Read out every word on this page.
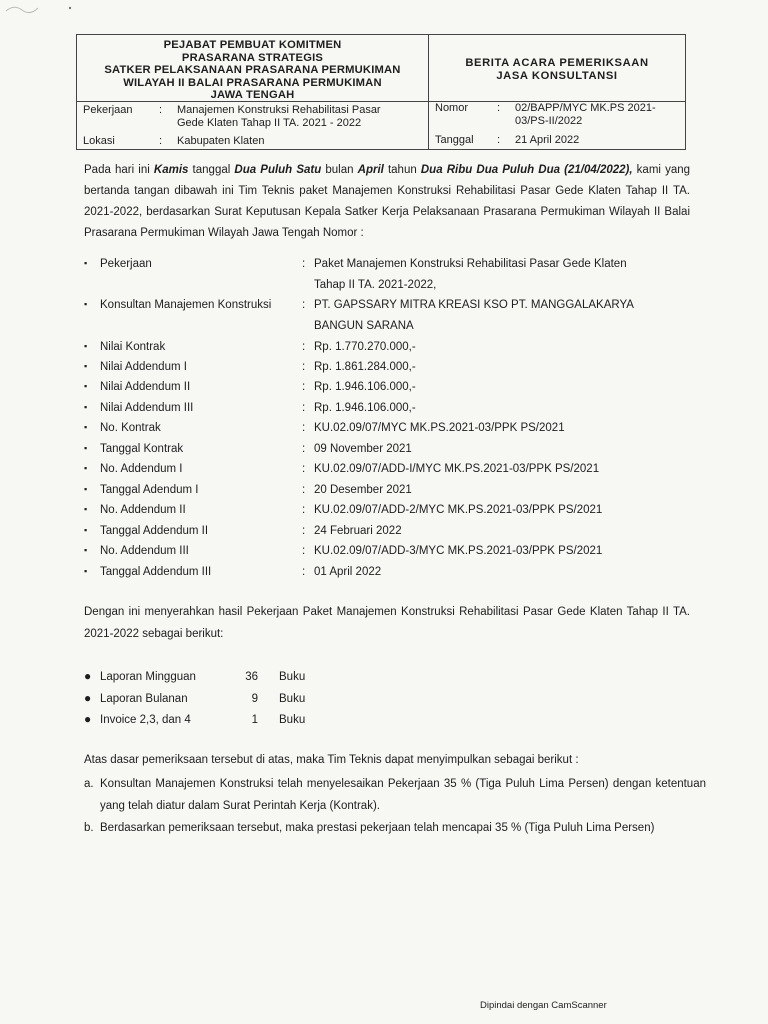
PEJABAT PEMBUAT KOMITMEN
PRASARANA STRATEGIS
SATKER PELAKSANAAN PRASARANA PERMUKIMAN
WILAYAH II BALAI PRASARANA PERMUKIMAN
JAWA TENGAH
BERITA ACARA PEMERIKSAAN
JASA KONSULTANSI
Pekerjaan : Manajemen Konstruksi Rehabilitasi Pasar
Gede Klaten Tahap II TA. 2021 - 2022
Lokasi	: Kabupaten Klaten
Nomor	: 02/BAPP/MYC MK.PS 2021-
03/PS-II/2022
Tanggal : 21 April 2022
Pada hari ini Kamis tanggal Dua Puluh Satu bulan April tahun Dua Ribu Dua Puluh Dua (21/04/2022), kami yang bertanda tangan dibawah ini Tim Teknis paket Manajemen Konstruksi Rehabilitasi Pasar Gede Klaten Tahap II TA. 2021-2022, berdasarkan Surat Keputusan Kepala Satker Kerja Pelaksanaan Prasarana Permukiman Wilayah II Balai Prasarana Permukiman Wilayah Jawa Tengah Nomor :
▪ Pekerjaan	: Paket Manajemen Konstruksi Rehabilitasi Pasar Gede Klaten
Tahap II TA. 2021-2022,
▪ Konsultan Manajemen Konstruksi	: PT. GAPSSARY MITRA KREASI KSO PT. MANGGALAKARYA
BANGUN SARANA
▪ Nilai Kontrak	: Rp. 1.770.270.000,-
▪ Nilai Addendum I	: Rp. 1.861.284.000,-
▪ Nilai Addendum II	: Rp. 1.946.106.000,-
▪ Nilai Addendum III	: Rp. 1.946.106.000,-
▪ No. Kontrak	: KU.02.09/07/MYC MK.PS.2021-03/PPK PS/2021
▪ Tanggal Kontrak	: 09 November 2021
▪ No. Addendum I	: KU.02.09/07/ADD-I/MYC MK.PS.2021-03/PPK PS/2021
▪ Tanggal Adendum I	: 20 Desember 2021
▪ No. Addendum II	: KU.02.09/07/ADD-2/MYC MK.PS.2021-03/PPK PS/2021
▪ Tanggal Addendum II	: 24 Februari 2022
▪ No. Addendum III	: KU.02.09/07/ADD-3/MYC MK.PS.2021-03/PPK PS/2021
▪ Tanggal Addendum III	: 01 April 2022
Dengan ini menyerahkan hasil Pekerjaan Paket Manajemen Konstruksi Rehabilitasi Pasar Gede Klaten Tahap II TA. 2021-2022 sebagai berikut:
● Laporan Mingguan	36 Buku
● Laporan Bulanan	9 Buku
● Invoice 2,3, dan 4	1 Buku
Atas dasar pemeriksaan tersebut di atas, maka Tim Teknis dapat menyimpulkan sebagai berikut :
a. Konsultan Manajemen Konstruksi telah menyelesaikan Pekerjaan 35 % (Tiga Puluh Lima Persen) dengan ketentuan yang telah diatur dalam Surat Perintah Kerja (Kontrak).
b. Berdasarkan pemeriksaan tersebut, maka prestasi pekerjaan telah mencapai 35 % (Tiga Puluh Lima Persen)
Dipindai dengan CamScanner
